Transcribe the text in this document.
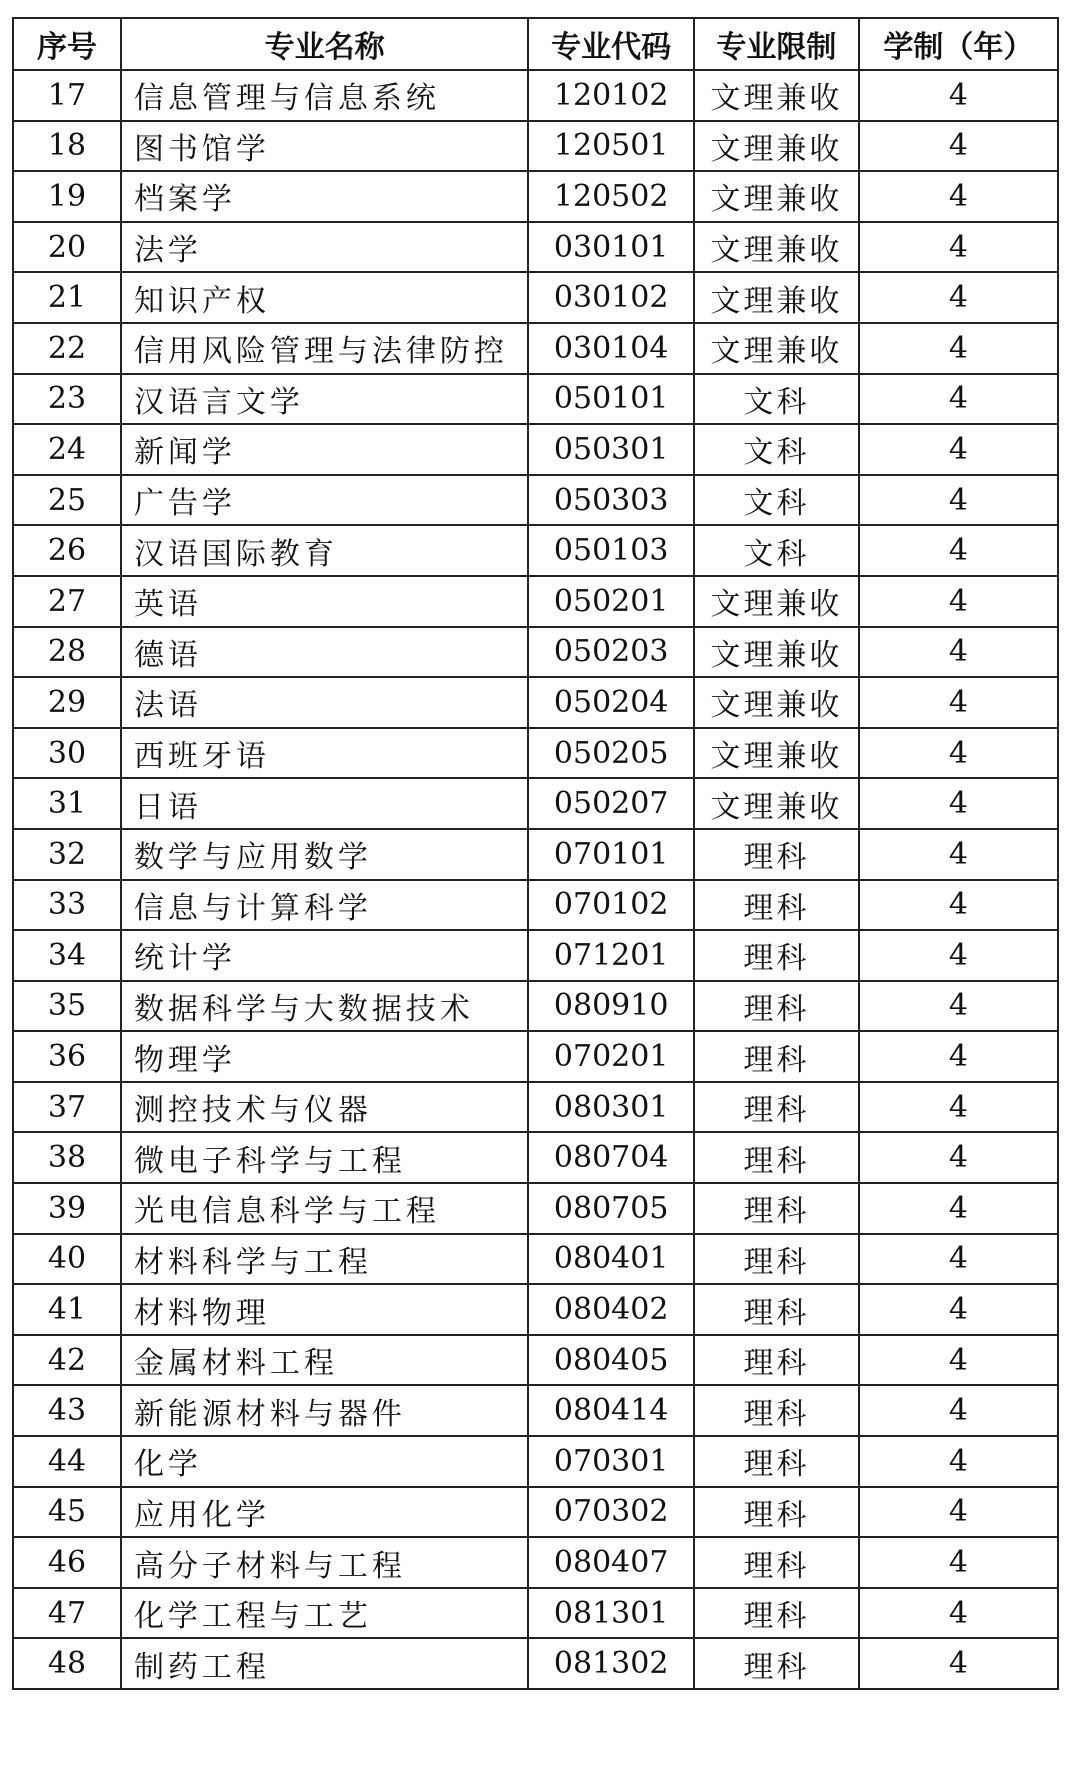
序号	专业名称	专业代码	专业限制	学制（年）
17	信息管理与信息系统	120102	文理兼收	4
18	图书馆学	120501	文理兼收	4
19	档案学	120502	文理兼收	4
20	法学	030101	文理兼收	4
21	知识产权	030102	文理兼收	4
22	信用风险管理与法律防控	030104	文理兼收	4
23	汉语言文学	050101	文科	4
24	新闻学	050301	文科	4
25	广告学	050303	文科	4
26	汉语国际教育	050103	文科	4
27	英语	050201	文理兼收	4
28	德语	050203	文理兼收	4
29	法语	050204	文理兼收	4
30	西班牙语	050205	文理兼收	4
31	日语	050207	文理兼收	4
32	数学与应用数学	070101	理科	4
33	信息与计算科学	070102	理科	4
34	统计学	071201	理科	4
35	数据科学与大数据技术	080910	理科	4
36	物理学	070201	理科	4
37	测控技术与仪器	080301	理科	4
38	微电子科学与工程	080704	理科	4
39	光电信息科学与工程	080705	理科	4
40	材料科学与工程	080401	理科	4
41	材料物理	080402	理科	4
42	金属材料工程	080405	理科	4
43	新能源材料与器件	080414	理科	4
44	化学	070301	理科	4
45	应用化学	070302	理科	4
46	高分子材料与工程	080407	理科	4
47	化学工程与工艺	081301	理科	4
48	制药工程	081302	理科	4
